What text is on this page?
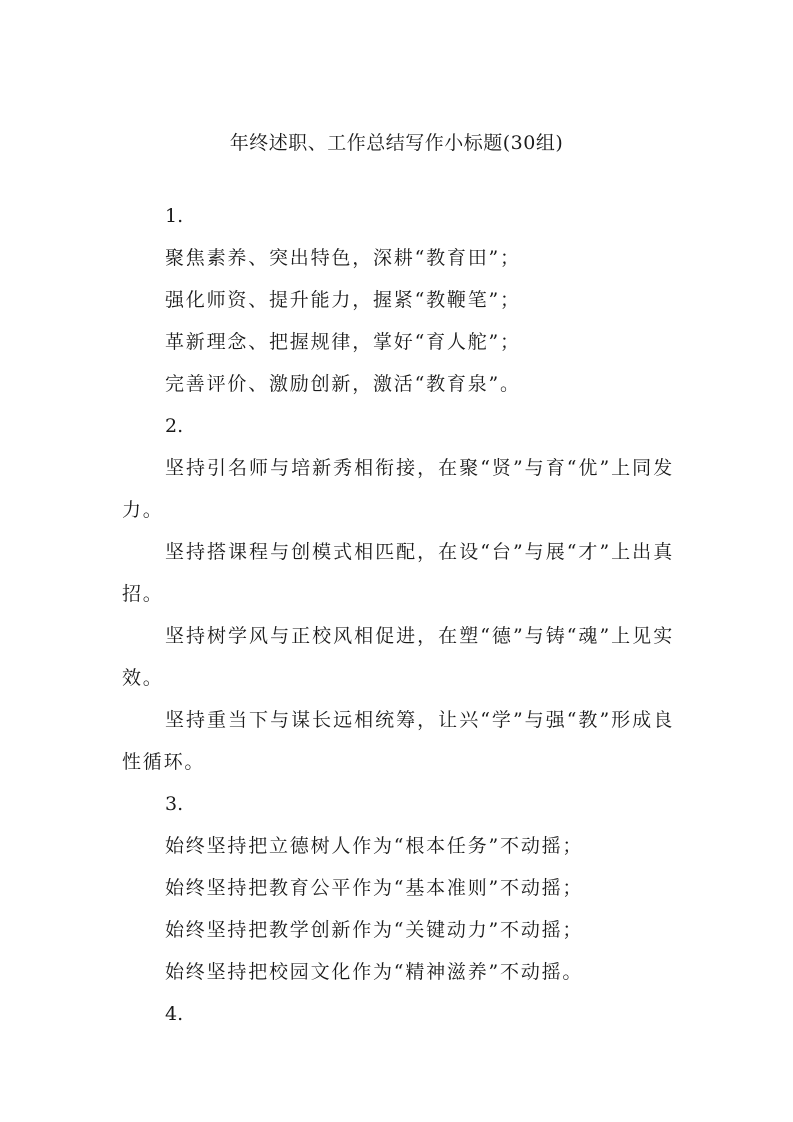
年终述职、工作总结写作小标题(30组)

1.

聚焦素养、突出特色，深耕“教育田”；

强化师资、提升能力，握紧“教鞭笔”；

革新理念、把握规律，掌好“育人舵”；

完善评价、激励创新，激活“教育泉”。

2.

坚持引名师与培新秀相衔接，在聚“贤”与育“优”上同发力。

坚持搭课程与创模式相匹配，在设“台”与展“才”上出真招。

坚持树学风与正校风相促进，在塑“德”与铸“魂”上见实效。

坚持重当下与谋长远相统筹，让兴“学”与强“教”形成良性循环。

3.

始终坚持把立德树人作为“根本任务”不动摇；

始终坚持把教育公平作为“基本准则”不动摇；

始终坚持把教学创新作为“关键动力”不动摇；

始终坚持把校园文化作为“精神滋养”不动摇。

4.
